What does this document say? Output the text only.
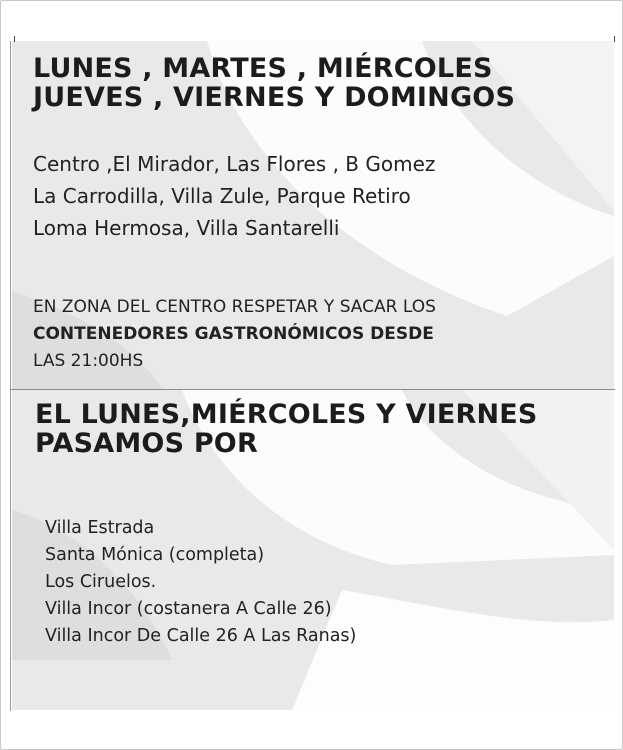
LUNES , MARTES , MIÉRCOLES
JUEVES , VIERNES Y DOMINGOS
Centro ,El Mirador, Las Flores , B Gomez
La Carrodilla, Villa Zule, Parque Retiro
Loma Hermosa, Villa Santarelli
EN ZONA DEL CENTRO RESPETAR Y SACAR LOS
CONTENEDORES GASTRONÓMICOS DESDE
LAS 21:00HS
EL LUNES,MIÉRCOLES Y VIERNES
PASAMOS POR
Villa Estrada
Santa Mónica (completa)
Los Ciruelos.
Villa Incor (costanera A Calle 26)
Villa Incor De Calle 26 A Las Ranas)
